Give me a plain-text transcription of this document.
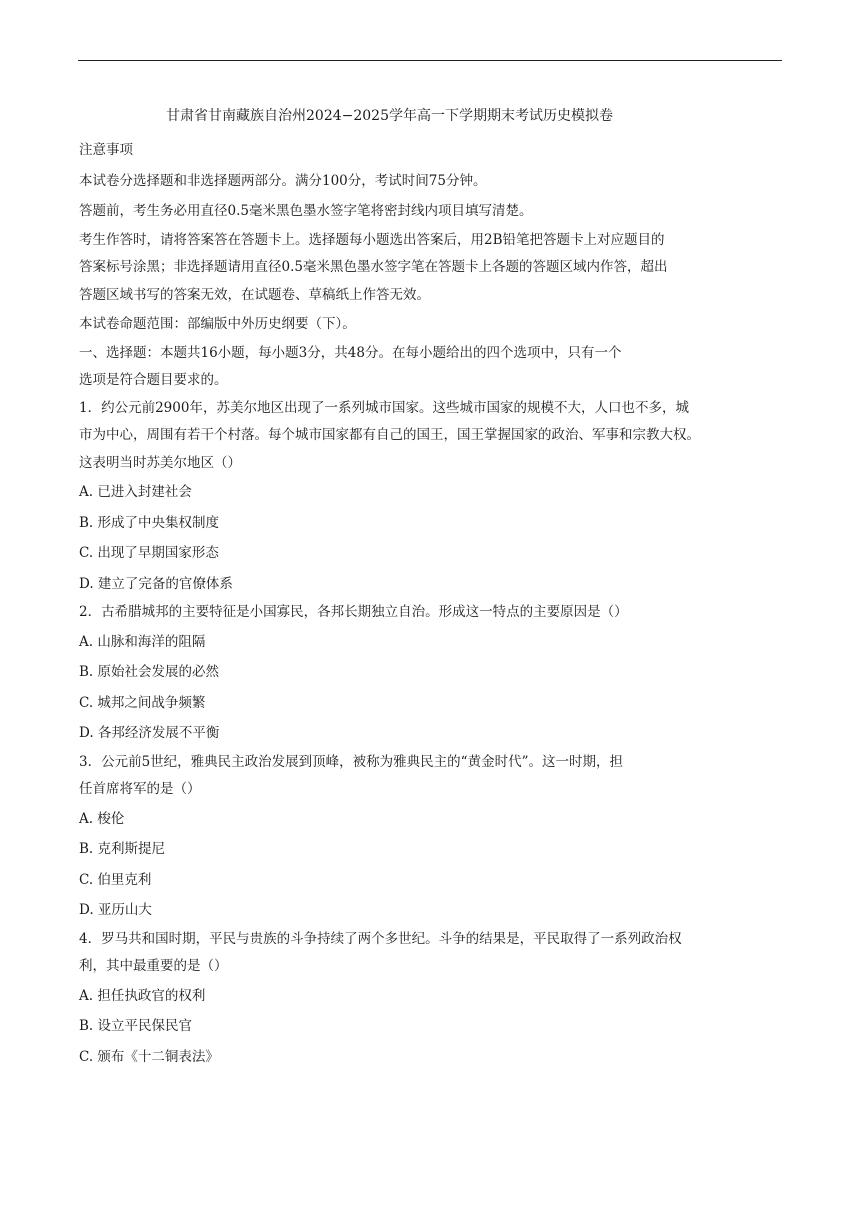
甘肃省甘南藏族自治州2024−2025学年高一下学期期末考试历史模拟卷

注意事项

本试卷分选择题和非选择题两部分。满分100分，考试时间75分钟。

答题前，考生务必用直径0.5毫米黑色墨水签字笔将密封线内项目填写清楚。

考生作答时，请将答案答在答题卡上。选择题每小题选出答案后，用2B铅笔把答题卡上对应题目的

答案标号涂黑；非选择题请用直径0.5毫米黑色墨水签字笔在答题卡上各题的答题区域内作答，超出

答题区域书写的答案无效，在试题卷、草稿纸上作答无效。

本试卷命题范围：部编版中外历史纲要（下）。

一、选择题：本题共16小题，每小题3分，共48分。在每小题给出的四个选项中，只有一个

选项是符合题目要求的。

1．约公元前2900年，苏美尔地区出现了一系列城市国家。这些城市国家的规模不大，人口也不多，城

市为中心，周围有若干个村落。每个城市国家都有自己的国王，国王掌握国家的政治、军事和宗教大权。

这表明当时苏美尔地区（）

A. 已进入封建社会

B. 形成了中央集权制度

C. 出现了早期国家形态

D. 建立了完备的官僚体系

2．古希腊城邦的主要特征是小国寡民，各邦长期独立自治。形成这一特点的主要原因是（）

A. 山脉和海洋的阻隔

B. 原始社会发展的必然

C. 城邦之间战争频繁

D. 各邦经济发展不平衡

3．公元前5世纪，雅典民主政治发展到顶峰，被称为雅典民主的“黄金时代”。这一时期，担

任首席将军的是（）

A. 梭伦

B. 克利斯提尼

C. 伯里克利

D. 亚历山大

4．罗马共和国时期，平民与贵族的斗争持续了两个多世纪。斗争的结果是，平民取得了一系列政治权

利，其中最重要的是（）

A. 担任执政官的权利

B. 设立平民保民官

C. 颁布《十二铜表法》
